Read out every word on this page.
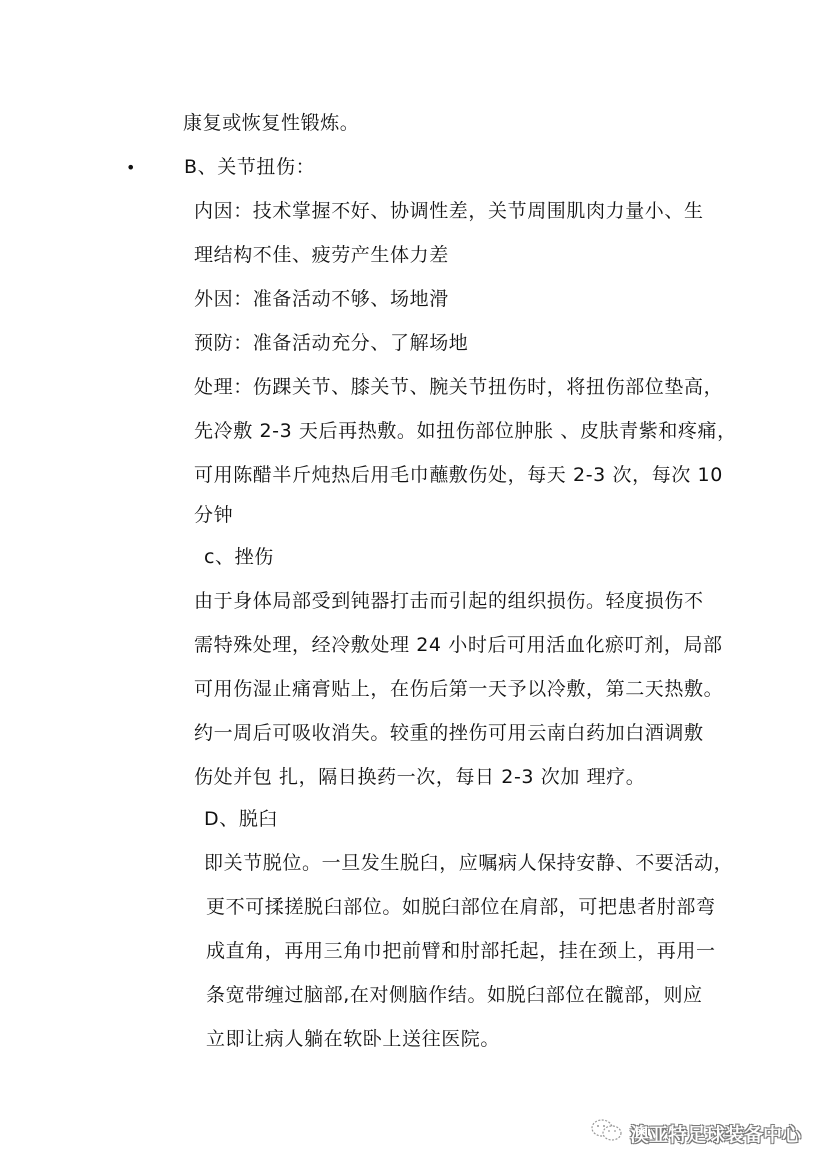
•
康复或恢复性锻炼。
B、关节扭伤：
内因：技术掌握不好、协调性差，关节周围肌肉力量小、生
理结构不佳、疲劳产生体力差
外因：准备活动不够、场地滑
预防：准备活动充分、了解场地
处理：伤踝关节、膝关节、腕关节扭伤时，将扭伤部位垫高，
先冷敷 2-3 天后再热敷。如扭伤部位肿胀 、皮肤青紫和疼痛，
可用陈醋半斤炖热后用毛巾蘸敷伤处，每天 2-3 次，每次 10
分钟
c、挫伤
由于身体局部受到钝器打击而引起的组织损伤。轻度损伤不
需特殊处理，经冷敷处理 24 小时后可用活血化瘀叮剂，局部
可用伤湿止痛膏贴上，在伤后第一天予以冷敷，第二天热敷。
约一周后可吸收消失。较重的挫伤可用云南白药加白酒调敷
伤处并包 扎，隔日换药一次，每日 2-3 次加 理疗。
D、脱臼
即关节脱位。一旦发生脱臼，应嘱病人保持安静、不要活动，
更不可揉搓脱臼部位。如脱臼部位在肩部，可把患者肘部弯
成直角，再用三角巾把前臂和肘部托起，挂在颈上，再用一
条宽带缠过脑部,在对侧脑作结。如脱臼部位在髋部，则应
立即让病人躺在软卧上送往医院。
澳亚特足球装备中心
